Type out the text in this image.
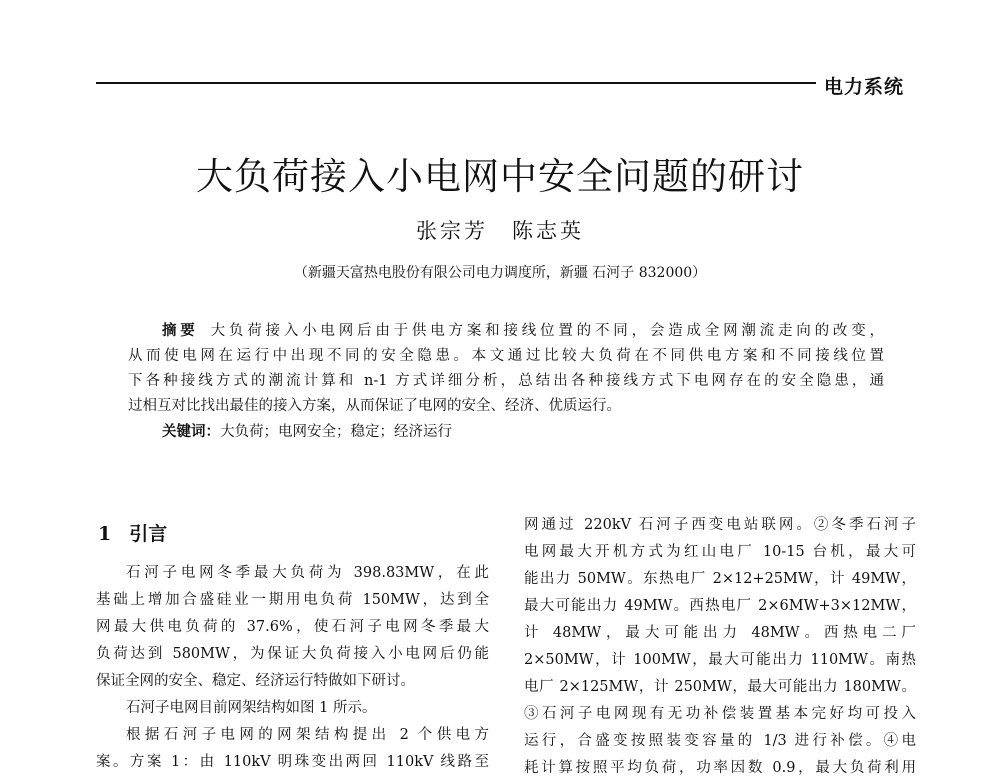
电力系统
大负荷接入小电网中安全问题的研讨
张宗芳 陈志英
（新疆天富热电股份有限公司电力调度所，新疆 石河子 832000）
摘要 大负荷接入小电网后由于供电方案和接线位置的不同，会造成全网潮流走向的改变，
从而使电网在运行中出现不同的安全隐患。本文通过比较大负荷在不同供电方案和不同接线位置
下各种接线方式的潮流计算和 n-1 方式详细分析，总结出各种接线方式下电网存在的安全隐患，通
过相互对比找出最佳的接入方案，从而保证了电网的安全、经济、优质运行。
关键词：大负荷；电网安全；稳定；经济运行
1 引言
石河子电网冬季最大负荷为 398.83MW，在此
基础上增加合盛硅业一期用电负荷 150MW，达到全
网最大供电负荷的 37.6%，使石河子电网冬季最大
负荷达到 580MW，为保证大负荷接入小电网后仍能
保证全网的安全、稳定、经济运行特做如下研讨。
石河子电网目前网架结构如图 1 所示。
根据石河子电网的网架结构提出 2 个供电方
案。方案 1：由 110kV 明珠变出两回 110kV 线路至
网通过 220kV 石河子西变电站联网。②冬季石河子
电网最大开机方式为红山电厂 10-15 台机，最大可
能出力 50MW。东热电厂 2×12+25MW，计 49MW，
最大可能出力 49MW。西热电厂 2×6MW+3×12MW，
计 48MW，最大可能出力 48MW。西热电二厂
2×50MW，计 100MW，最大可能出力 110MW。南热
电厂 2×125MW，计 250MW，最大可能出力 180MW。
③石河子电网现有无功补偿装置基本完好均可投入
运行，合盛变按照装变容量的 1/3 进行补偿。④电
耗计算按照平均负荷，功率因数 0.9，最大负荷利用
